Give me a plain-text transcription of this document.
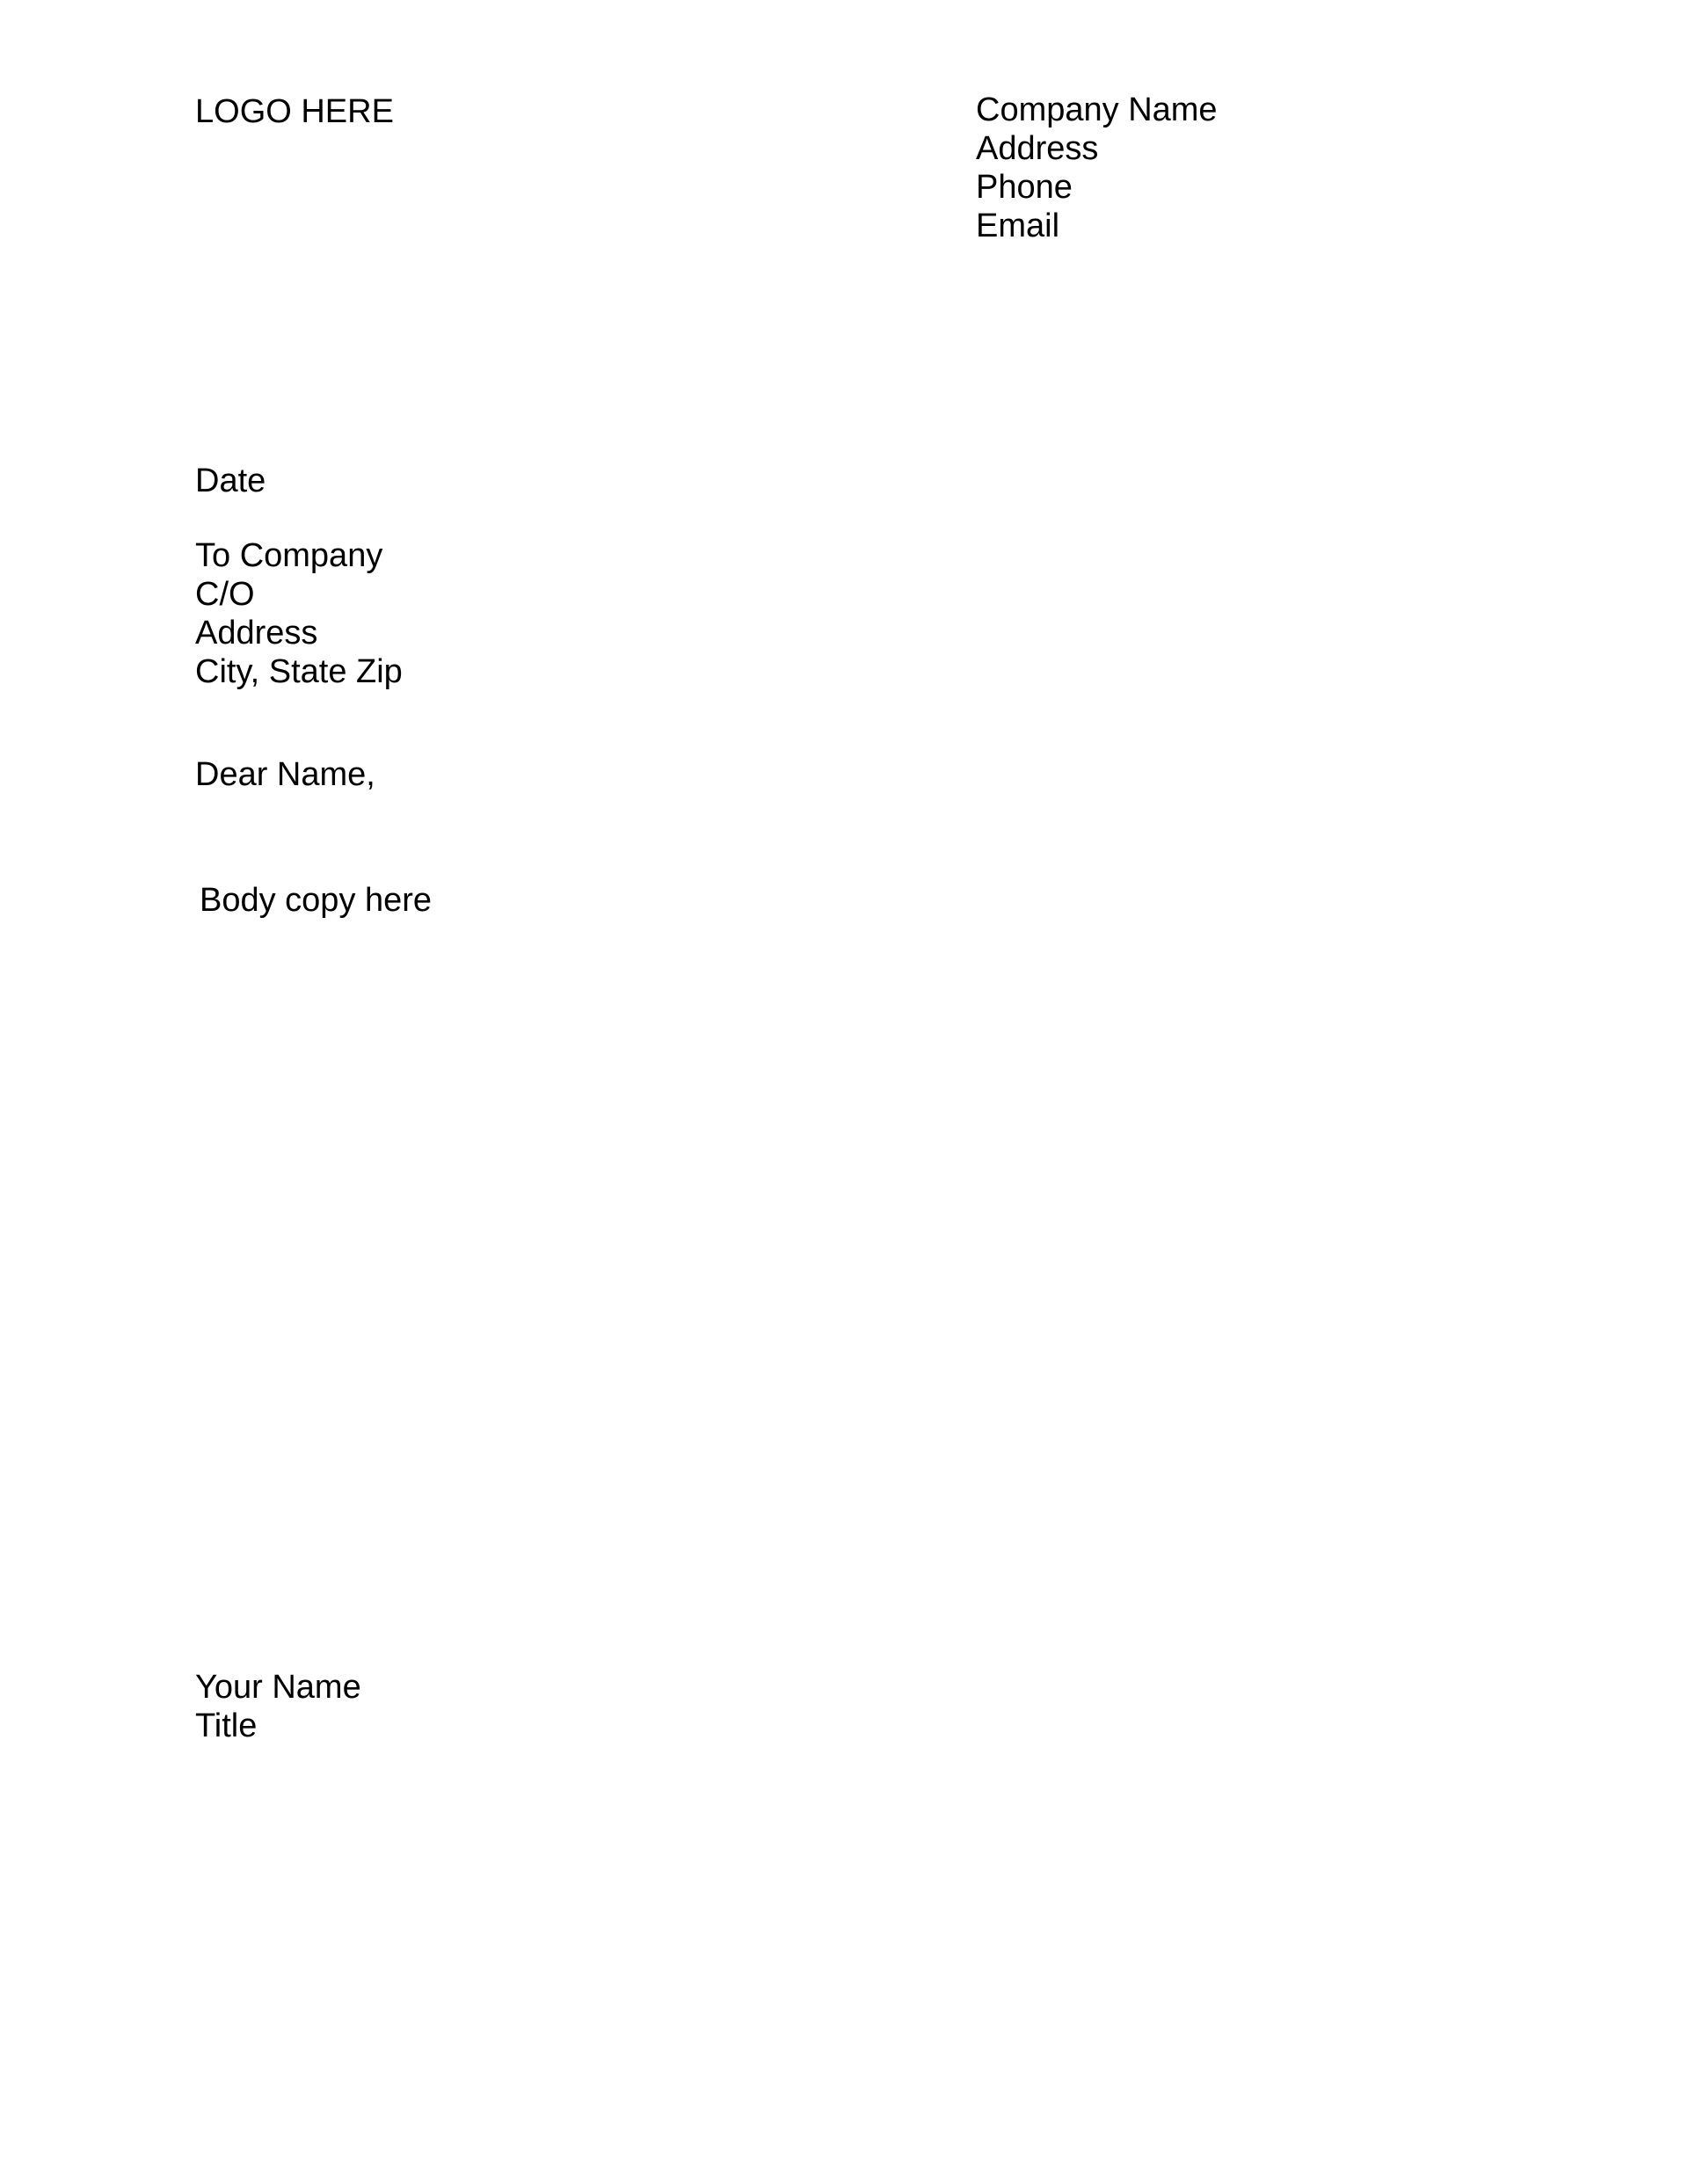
LOGO HERE	Company Name
Address
Phone
Email
Date
To Company
C/O
Address
City, State Zip
Dear Name,
Body copy here
Your Name
Title
